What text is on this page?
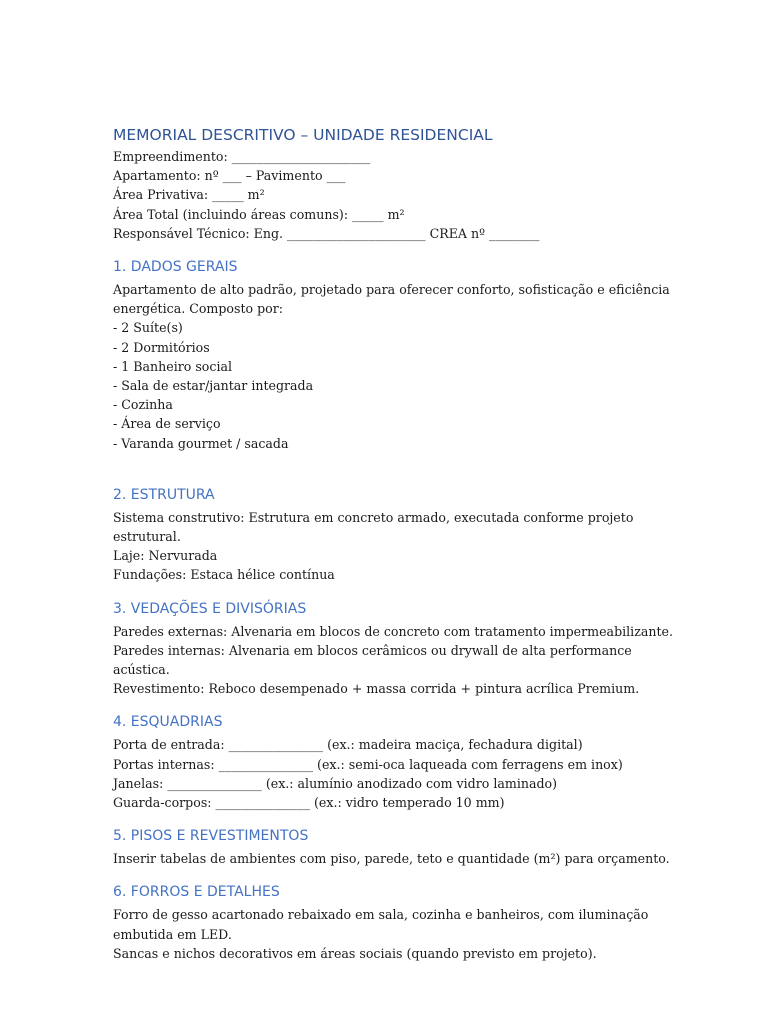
MEMORIAL DESCRITIVO – UNIDADE RESIDENCIAL

Empreendimento: ______________________

Apartamento: nº ___ – Pavimento ___

Área Privativa: _____ m²

Área Total (incluindo áreas comuns): _____ m²

Responsável Técnico: Eng. ______________________ CREA nº ________

1. DADOS GERAIS

Apartamento de alto padrão, projetado para oferecer conforto, sofisticação e eficiência

energética. Composto por:

- 2 Suíte(s)

- 2 Dormitórios

- 1 Banheiro social

- Sala de estar/jantar integrada

- Cozinha

- Área de serviço

- Varanda gourmet / sacada

2. ESTRUTURA

Sistema construtivo: Estrutura em concreto armado, executada conforme projeto estrutural.

Laje: Nervurada

Fundações: Estaca hélice contínua

3. VEDAÇÕES E DIVISÓRIAS

Paredes externas: Alvenaria em blocos de concreto com tratamento impermeabilizante.

Paredes internas: Alvenaria em blocos cerâmicos ou drywall de alta performance acústica.

Revestimento: Reboco desempenado + massa corrida + pintura acrílica Premium.

4. ESQUADRIAS

Porta de entrada: _______________ (ex.: madeira maciça, fechadura digital)

Portas internas: _______________ (ex.: semi-oca laqueada com ferragens em inox)

Janelas: _______________ (ex.: alumínio anodizado com vidro laminado)

Guarda-corpos: _______________ (ex.: vidro temperado 10 mm)

5. PISOS E REVESTIMENTOS

Inserir tabelas de ambientes com piso, parede, teto e quantidade (m²) para orçamento.

6. FORROS E DETALHES

Forro de gesso acartonado rebaixado em sala, cozinha e banheiros, com iluminação

embutida em LED.

Sancas e nichos decorativos em áreas sociais (quando previsto em projeto).
